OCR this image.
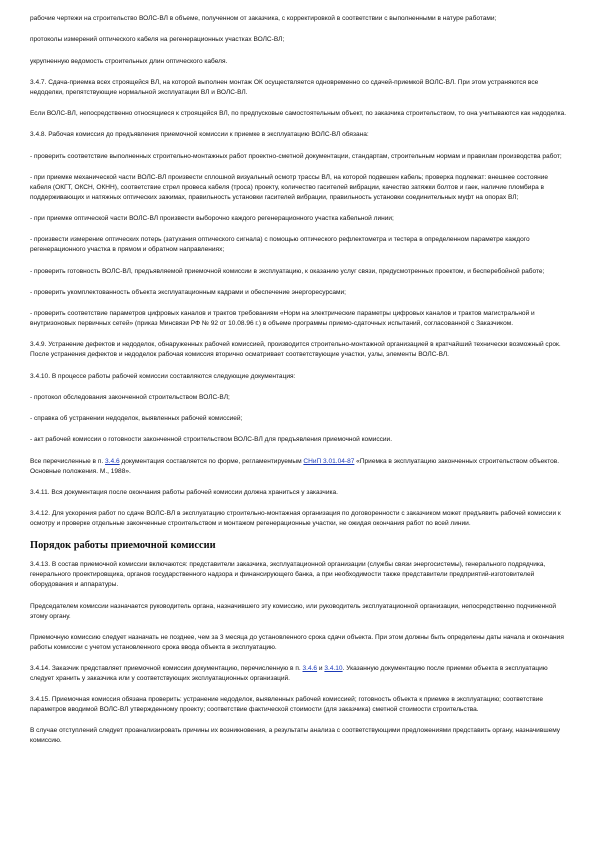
рабочие чертежи на строительство ВОЛС-ВЛ в объеме, полученном от заказчика, с корректировкой в соответствии с выполненными в натуре работами;

протоколы измерений оптического кабеля на регенерационных участках ВОЛС-ВЛ;

укрупненную ведомость строительных длин оптического кабеля.

3.4.7. Сдача-приемка всех строящейся ВЛ, на которой выполнен монтаж ОК осуществляется одновременно со сдачей-приемкой ВОЛС-ВЛ. При этом устраняются все недоделки, препятствующие нормальной эксплуатации ВЛ и ВОЛС-ВЛ.

Если ВОЛС-ВЛ, непосредственно относящиеся к строящейся ВЛ, по предпусковые самостоятельным объект, по заказчика строительством, то она учитываются как недоделка.

3.4.8. Рабочая комиссия до предъявления приемочной комиссии к приемке в эксплуатацию ВОЛС-ВЛ обязана:

- проверить соответствие выполненных строительно-монтажных работ проектно-сметной документации, стандартам, строительным нормам и правилам производства работ;

- при приемке механической части ВОЛС-ВЛ произвести сплошной визуальный осмотр трассы ВЛ, на которой подвешен кабель; проверка подлежат: внешнее состояние кабеля (ОКГТ, ОКСН, ОКНН), соответствие стрел провеса кабеля (троса) проекту, количество гасителей вибрации, качество затяжки болтов и гаек, наличие пломбира в поддерживающих и натяжных оптических зажимах, правильность установки гасителей вибрации, правильность установки соединительных муфт на опорах ВЛ;

- при приемке оптической части ВОЛС-ВЛ произвести выборочно каждого регенерационного участка кабельной линии;

- произвести измерение оптических потерь (затухания оптического сигнала) с помощью оптического рефлектометра и тестера в определенном параметре каждого регенерационного участка в прямом и обратном направлениях;

- проверить готовность ВОЛС-ВЛ, предъявляемой приемочной комиссии в эксплуатацию, к оказанию услуг связи, предусмотренных проектом, и бесперебойной работе;

- проверить укомплектованность объекта эксплуатационным кадрами и обеспечение энергоресурсами;

- проверить соответствие параметров цифровых каналов и трактов требованиям «Норм на электрические параметры цифровых каналов и трактов магистральной и внутризоновых первичных сетей» (приказ Минсвязи РФ № 92 от 10.08.96 г.) в объеме программы приемо-сдаточных испытаний, согласованной с Заказчиком.

3.4.9. Устранение дефектов и недоделок, обнаруженных рабочей комиссией, производится строительно-монтажной организацией в кратчайший технически возможный срок. После устранения дефектов и недоделок рабочая комиссия вторично осматривает соответствующие участки, узлы, элементы ВОЛС-ВЛ.

3.4.10. В процессе работы рабочей комиссии составляются следующие документация:

- протокол обследования законченной строительством ВОЛС-ВЛ;

- справка об устранении недоделок, выявленных рабочей комиссией;

- акт рабочей комиссии о готовности законченной строительством ВОЛС-ВЛ для предъявления приемочной комиссии.

Все перечисленные в п. 3.4.6 документация составляется по форме, регламентируемым СНиП 3.01.04-87 «Приемка в эксплуатацию законченных строительством объектов. Основные положения. М., 1988».

3.4.11. Вся документация после окончания работы рабочей комиссии должна храниться у заказчика.

3.4.12. Для ускорения работ по сдаче ВОЛС-ВЛ в эксплуатацию строительно-монтажная организация по договоренности с заказчиком может предъявить рабочей комиссии к осмотру и проверке отдельные законченные строительством и монтажом регенерационные участки, не ожидая окончания работ по всей линии.

Порядок работы приемочной комиссии

3.4.13. В состав приемочной комиссии включаются: представители заказчика, эксплуатационной организации (службы связи энергосистемы), генерального подрядчика, генерального проектировщика, органов государственного надзора и финансирующего банка, а при необходимости также представители предприятий-изготовителей оборудования и аппаратуры.

Председателем комиссии назначается руководитель органа, назначившего эту комиссию, или руководитель эксплуатационной организации, непосредственно подчиненной этому органу.

Приемочную комиссию следует назначать не позднее, чем за 3 месяца до установленного срока сдачи объекта. При этом должны быть определены даты начала и окончания работы комиссии с учетом установленного срока ввода объекта в эксплуатацию.

3.4.14. Заказчик представляет приемочной комиссии документацию, перечисленную в п. 3.4.6 и 3.4.10. Указанную документацию после приемки объекта в эксплуатацию следует хранить у заказчика или у соответствующих эксплуатационных организаций.

3.4.15. Приемочная комиссия обязана проверить: устранение недоделок, выявленных рабочей комиссией; готовность объекта к приемке в эксплуатацию; соответствие параметров вводимой ВОЛС-ВЛ утвержденному проекту; соответствие фактической стоимости (для заказчика) сметной стоимости строительства.

В случае отступлений следует проанализировать причины их возникновения, а результаты анализа с соответствующими предложениями представить органу, назначившему комиссию.
